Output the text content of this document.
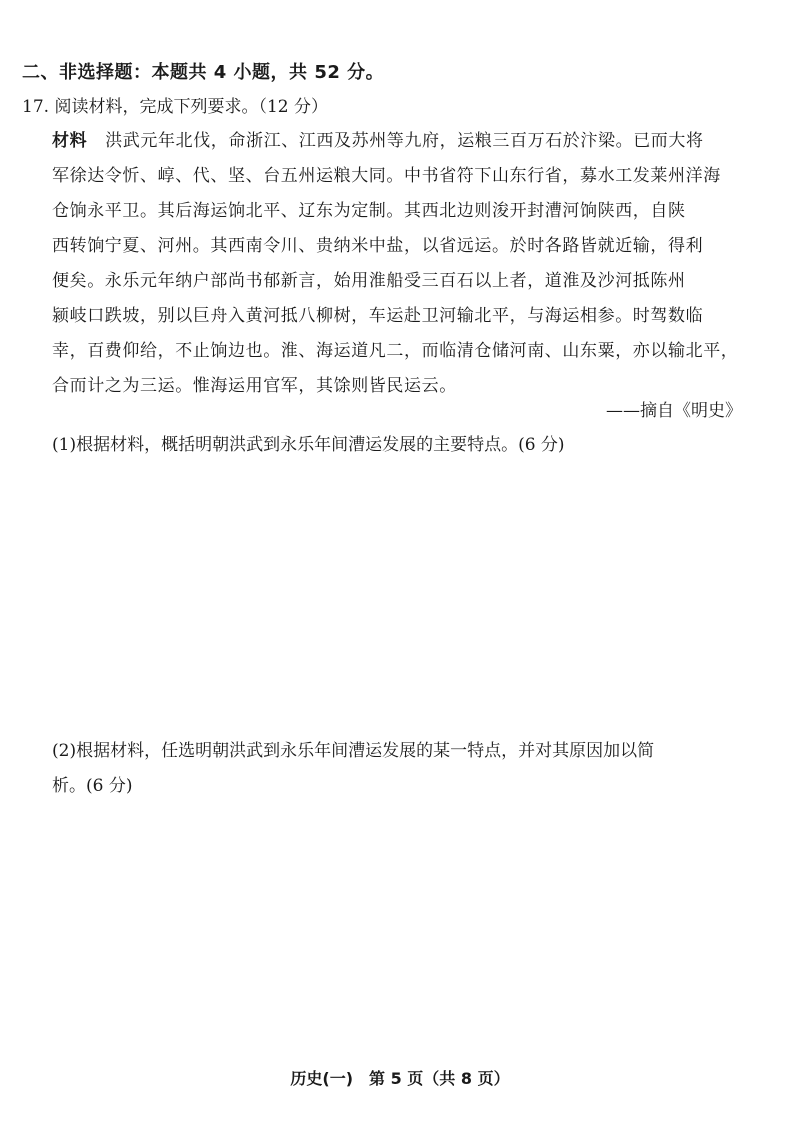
二、非选择题：本题共 4 小题，共 52 分。
17. 阅读材料，完成下列要求。（12 分）
材料 洪武元年北伐，命浙江、江西及苏州等九府，运粮三百万石於汴梁。已而大将
军徐达令忻、崞、代、坚、台五州运粮大同。中书省符下山东行省，募水工发莱州洋海
仓饷永平卫。其后海运饷北平、辽东为定制。其西北边则浚开封漕河饷陕西，自陕
西转饷宁夏、河州。其西南令川、贵纳米中盐，以省远运。於时各路皆就近输，得利
便矣。永乐元年纳户部尚书郁新言，始用淮船受三百石以上者，道淮及沙河抵陈州
颍岐口跌坡，别以巨舟入黄河抵八柳树，车运赴卫河输北平，与海运相参。时驾数临
幸，百费仰给，不止饷边也。淮、海运道凡二，而临清仓储河南、山东粟，亦以输北平，
合而计之为三运。惟海运用官军，其馀则皆民运云。
——摘自《明史》
(1)根据材料，概括明朝洪武到永乐年间漕运发展的主要特点。(6 分)
(2)根据材料，任选明朝洪武到永乐年间漕运发展的某一特点，并对其原因加以简
析。(6 分)
历史(一)　第 5 页（共 8 页）
